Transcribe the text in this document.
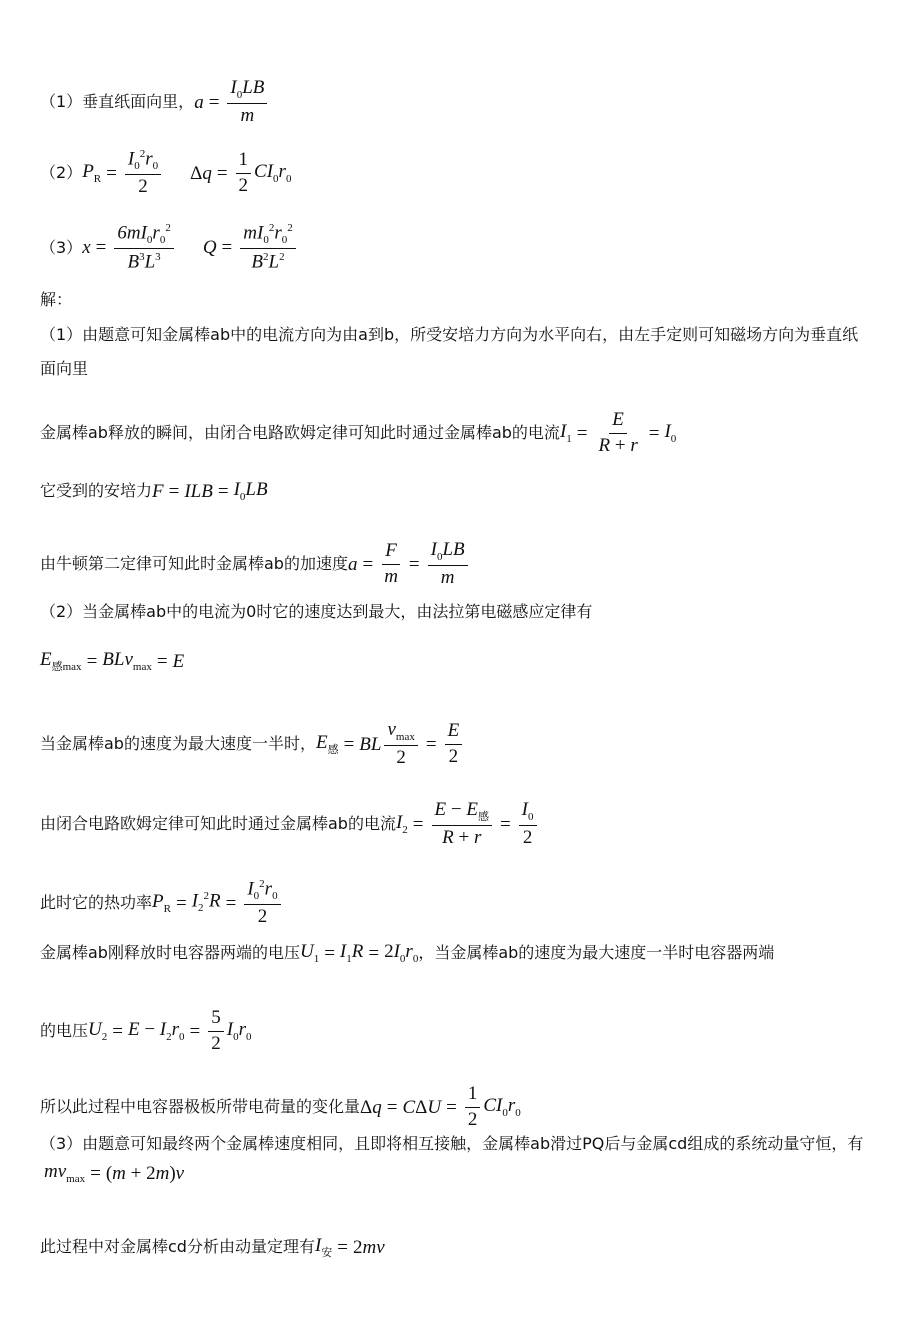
（1）垂直纸面向里， $a = \frac{I_0LB}{m}$
（2） $P_R = \frac{I_0^2r_0}{2}$ Δ $q = \frac{1}{2} CI_0r_0$
（3） $x = \frac{6mI_0r_0^2}{B^3L^3}$ $Q = \frac{mI_0^2r_0^2}{B^2L^2}$
解：
（1）由题意可知金属棒ab中的电流方向为由a到b，所受安培力方向为水平向右，由左手定则可知磁场方向为垂直纸面向里
金属棒ab释放的瞬间，由闭合电路欧姆定律可知此时通过金属棒ab的电流 $I_1 = \frac{E}{R + r} = I_0$
它受到的安培力 F = ILB = $I_0LB$
由牛顿第二定律可知此时金属棒ab的加速度 $a = \frac{F}{m} = \frac{I_0LB}{m}$
（2）当金属棒ab中的电流为0时它的速度达到最大，由法拉第电磁感应定律有
$E_{感max} = BLv_{max} = E$
当金属棒ab的速度为最大速度一半时， $E_感$ = BL $\frac{v_{max}}{2} = \frac{E}{2}$
由闭合电路欧姆定律可知此时通过金属棒ab的电流 $I_2 = \frac{E - E_感}{R + r} = \frac{I_0}{2}$
此时它的热功率 $P_R = I_2^2R = \frac{I_0^2r_0}{2}$
金属棒ab刚释放时电容器两端的电压 $U_1 = I_1R = 2I_0r_0$ ，当金属棒ab的速度为最大速度一半时电容器两端
的电压 $U_2 = E - I_2r_0 = \frac{5}{2} I_0r_0$
所以此过程中电容器极板所带电荷量的变化量 Δ $q = C\Delta U = \frac{1}{2} CI_0r_0$
（3）由题意可知最终两个金属棒速度相同，且即将相互接触，金属棒ab滑过PQ后与金属cd组成的系统动量守恒，有
$mv_{max} = (m + 2m)v$
此过程中对金属棒cd分析由动量定理有 $I_安 = 2mv$
